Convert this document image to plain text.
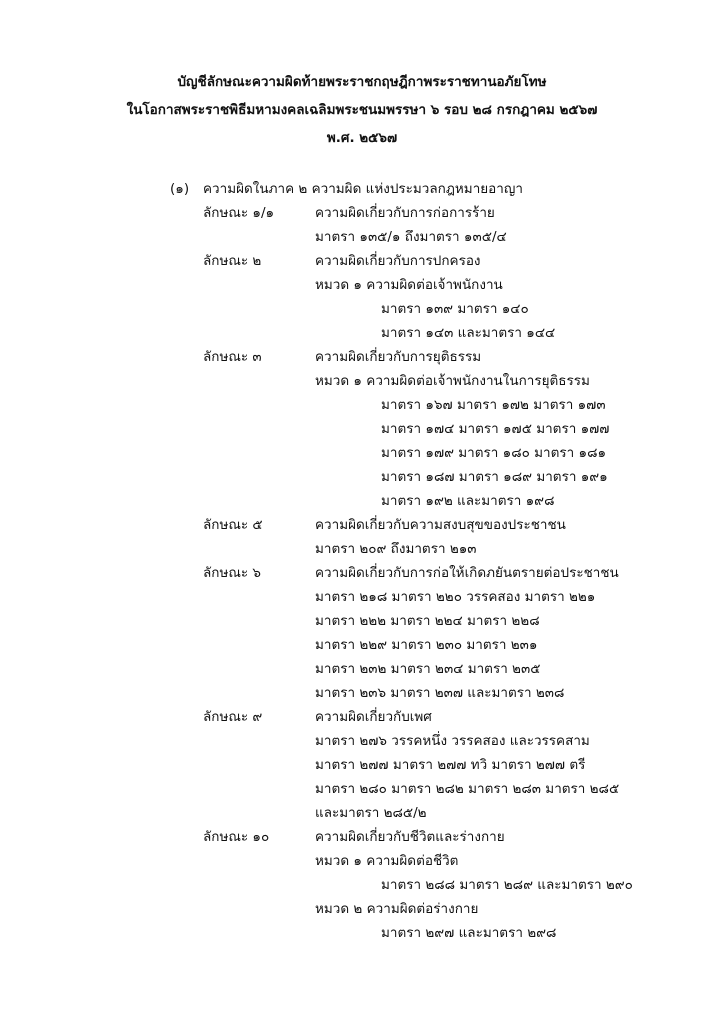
บัญชีลักษณะความผิดท้ายพระราชกฤษฎีกาพระราชทานอภัยโทษ
ในโอกาสพระราชพิธีมหามงคลเฉลิมพระชนมพรรษา ๖ รอบ ๒๘ กรกฎาคม ๒๕๖๗
พ.ศ. ๒๕๖๗
(๑) ความผิดในภาค ๒ ความผิด แห่งประมวลกฎหมายอาญา
ลักษณะ ๑/๑	ความผิดเกี่ยวกับการก่อการร้าย
มาตรา ๑๓๕/๑ ถึงมาตรา ๑๓๕/๔
ลักษณะ ๒	ความผิดเกี่ยวกับการปกครอง
หมวด ๑ ความผิดต่อเจ้าพนักงาน
มาตรา ๑๓๙ มาตรา ๑๔๐
มาตรา ๑๔๓ และมาตรา ๑๔๔
ลักษณะ ๓	ความผิดเกี่ยวกับการยุติธรรม
หมวด ๑ ความผิดต่อเจ้าพนักงานในการยุติธรรม
มาตรา ๑๖๗ มาตรา ๑๗๒ มาตรา ๑๗๓
มาตรา ๑๗๔ มาตรา ๑๗๕ มาตรา ๑๗๗
มาตรา ๑๗๙ มาตรา ๑๘๐ มาตรา ๑๘๑
มาตรา ๑๘๗ มาตรา ๑๘๙ มาตรา ๑๙๑
มาตรา ๑๙๒ และมาตรา ๑๙๘
ลักษณะ ๕	ความผิดเกี่ยวกับความสงบสุขของประชาชน
มาตรา ๒๐๙ ถึงมาตรา ๒๑๓
ลักษณะ ๖	ความผิดเกี่ยวกับการก่อให้เกิดภยันตรายต่อประชาชน
มาตรา ๒๑๘ มาตรา ๒๒๐ วรรคสอง มาตรา ๒๒๑
มาตรา ๒๒๒ มาตรา ๒๒๔ มาตรา ๒๒๘
มาตรา ๒๒๙ มาตรา ๒๓๐ มาตรา ๒๓๑
มาตรา ๒๓๒ มาตรา ๒๓๔ มาตรา ๒๓๕
มาตรา ๒๓๖ มาตรา ๒๓๗ และมาตรา ๒๓๘
ลักษณะ ๙	ความผิดเกี่ยวกับเพศ
มาตรา ๒๗๖ วรรคหนึ่ง วรรคสอง และวรรคสาม
มาตรา ๒๗๗ มาตรา ๒๗๗ ทวิ มาตรา ๒๗๗ ตรี
มาตรา ๒๘๐ มาตรา ๒๘๒ มาตรา ๒๘๓ มาตรา ๒๘๕
และมาตรา ๒๘๕/๒
ลักษณะ ๑๐	ความผิดเกี่ยวกับชีวิตและร่างกาย
หมวด ๑ ความผิดต่อชีวิต
มาตรา ๒๘๘ มาตรา ๒๘๙ และมาตรา ๒๙๐
หมวด ๒ ความผิดต่อร่างกาย
มาตรา ๒๙๗ และมาตรา ๒๙๘
